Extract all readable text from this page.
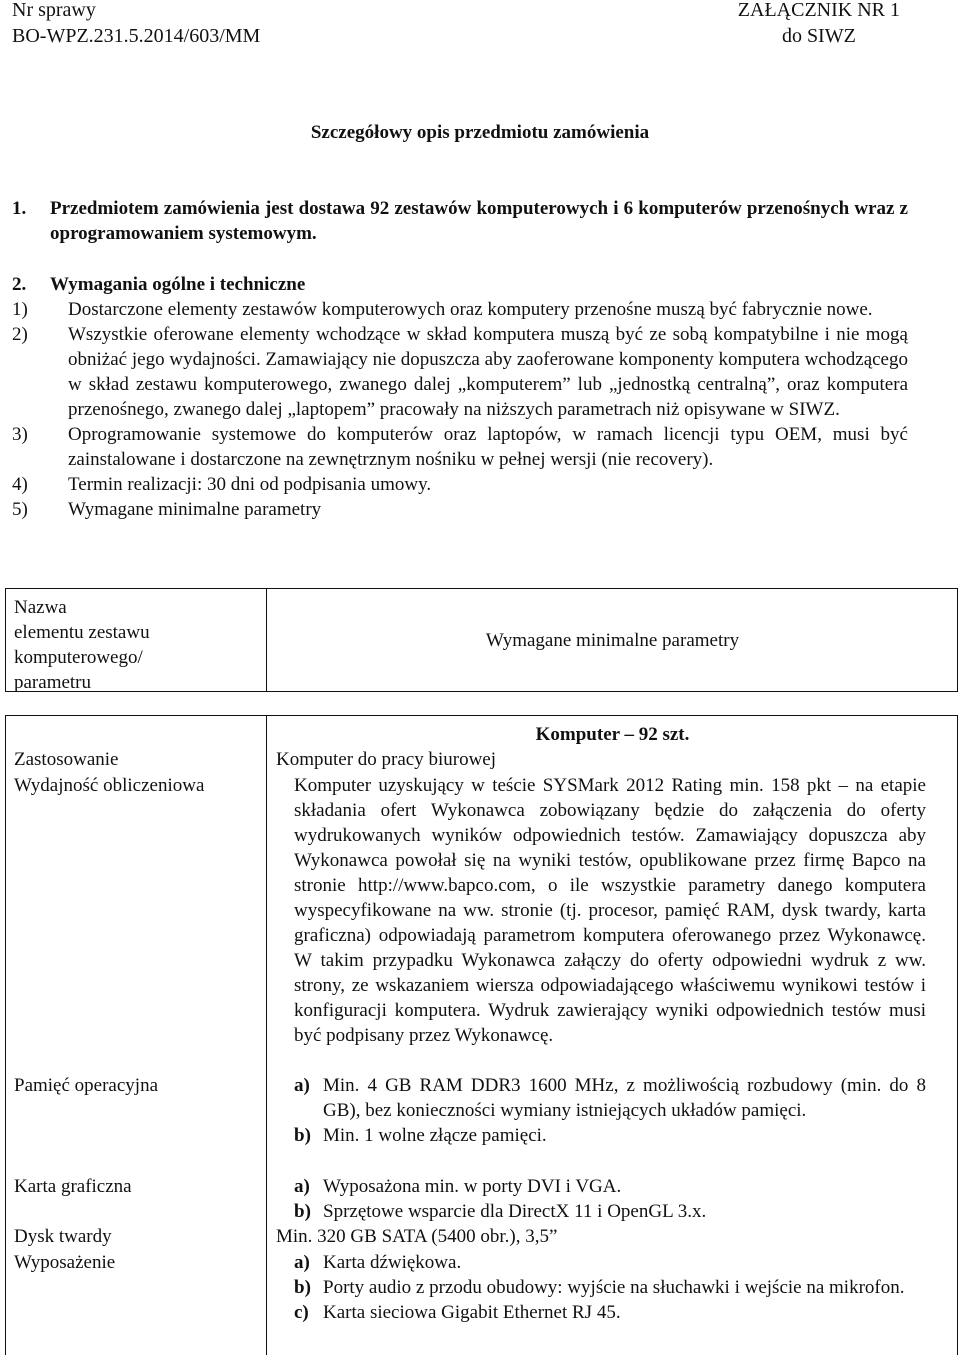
Nr sprawy
BO-WPZ.231.5.2014/603/MM
ZAŁĄCZNIK NR 1
do SIWZ
Szczegółowy opis przedmiotu zamówienia
1. Przedmiotem zamówienia jest dostawa 92 zestawów komputerowych i 6 komputerów przenośnych wraz z oprogramowaniem systemowym.
2. Wymagania ogólne i techniczne
1) Dostarczone elementy zestawów komputerowych oraz komputery przenośne muszą być fabrycznie nowe.
2) Wszystkie oferowane elementy wchodzące w skład komputera muszą być ze sobą kompatybilne i nie mogą obniżać jego wydajności. Zamawiający nie dopuszcza aby zaoferowane komponenty komputera wchodzącego w skład zestawu komputerowego, zwanego dalej „komputerem” lub „jednostką centralną”, oraz komputera przenośnego, zwanego dalej „laptopem” pracowały na niższych parametrach niż opisywane w SIWZ.
3) Oprogramowanie systemowe do komputerów oraz laptopów, w ramach licencji typu OEM, musi być zainstalowane i dostarczone na zewnętrznym nośniku w pełnej wersji (nie recovery).
4) Termin realizacji: 30 dni od podpisania umowy.
5) Wymagane minimalne parametry
Nazwa
elementu zestawu
komputerowego/
parametru
Wymagane minimalne parametry
Komputer – 92 szt.
Zastosowanie	Komputer do pracy biurowej
Wydajność obliczeniowa	Komputer uzyskujący w teście SYSMark 2012 Rating min. 158 pkt – na etapie składania ofert Wykonawca zobowiązany będzie do załączenia do oferty wydrukowanych wyników odpowiednich testów. Zamawiający dopuszcza aby Wykonawca powołał się na wyniki testów, opublikowane przez firmę Bapco na stronie http://www.bapco.com, o ile wszystkie parametry danego komputera wyspecyfikowane na ww. stronie (tj. procesor, pamięć RAM, dysk twardy, karta graficzna) odpowiadają parametrom komputera oferowanego przez Wykonawcę. W takim przypadku Wykonawca załączy do oferty odpowiedni wydruk z ww. strony, ze wskazaniem wiersza odpowiadającego właściwemu wynikowi testów i konfiguracji komputera. Wydruk zawierający wyniki odpowiednich testów musi być podpisany przez Wykonawcę.
Pamięć operacyjna	a) Min. 4 GB RAM DDR3 1600 MHz, z możliwością rozbudowy (min. do 8 GB), bez konieczności wymiany istniejących układów pamięci.
b) Min. 1 wolne złącze pamięci.
Karta graficzna	a) Wyposażona min. w porty DVI i VGA.
b) Sprzętowe wsparcie dla DirectX 11 i OpenGL 3.x.
Dysk twardy	Min. 320 GB SATA (5400 obr.), 3,5”
Wyposażenie	a) Karta dźwiękowa.
b) Porty audio z przodu obudowy: wyjście na słuchawki i wejście na mikrofon.
c) Karta sieciowa Gigabit Ethernet RJ 45.
